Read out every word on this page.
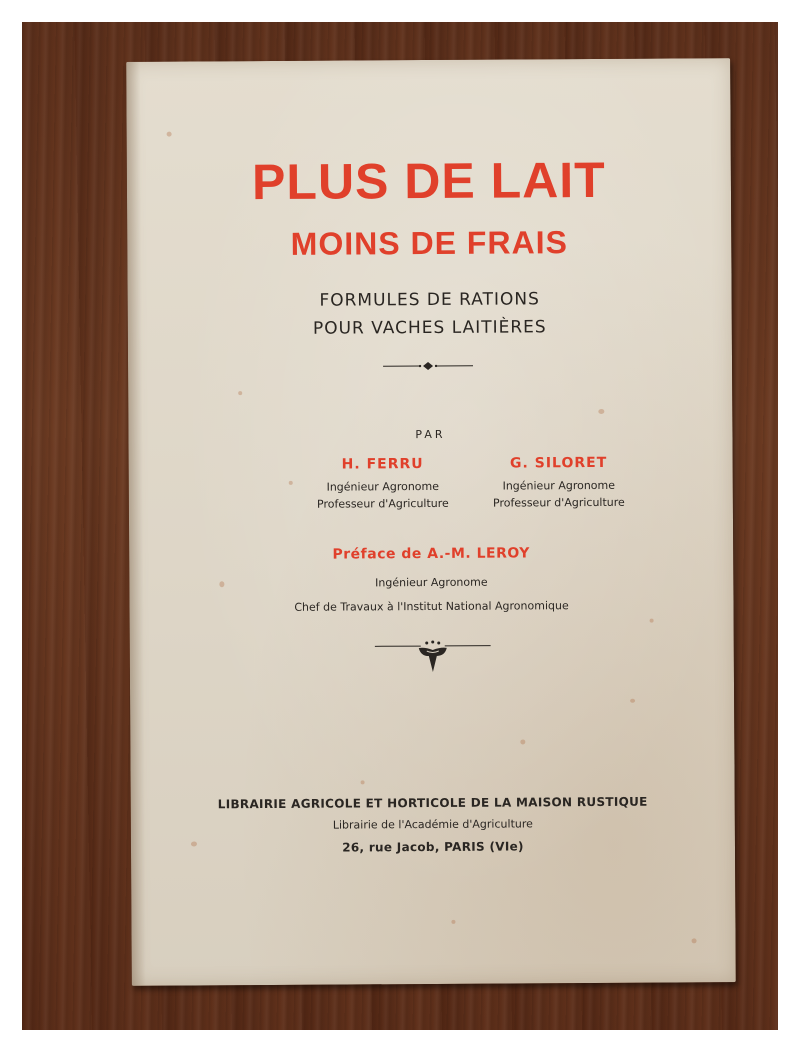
PLUS DE LAIT

MOINS DE FRAIS

FORMULES DE RATIONS

POUR VACHES LAITIÈRES

PAR

H. FERRU

Ingénieur Agronome

Professeur d'Agriculture

G. SILORET

Ingénieur Agronome

Professeur d'Agriculture

Préface de A.-M. LEROY

Ingénieur Agronome

Chef de Travaux à l'Institut National Agronomique

LIBRAIRIE AGRICOLE ET HORTICOLE DE LA MAISON RUSTIQUE

Librairie de l'Académie d'Agriculture

26, rue Jacob, PARIS (VIe)
